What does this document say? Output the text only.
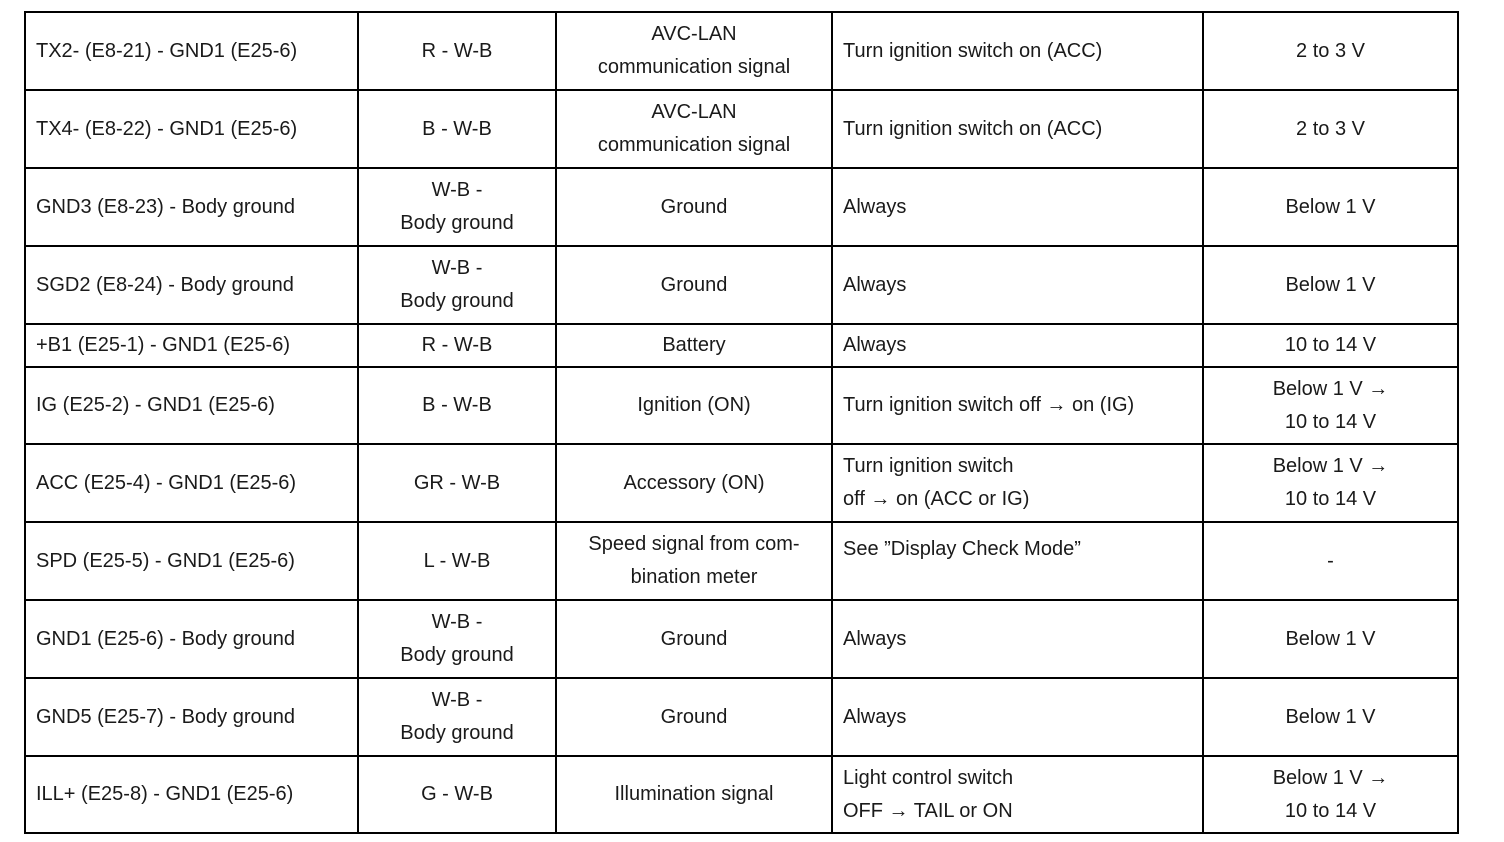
TX2- (E8-21) - GND1 (E25-6)	R - W-B	AVC-LAN
communication signal	Turn ignition switch on (ACC)	2 to 3 V
TX4- (E8-22) - GND1 (E25-6)	B - W-B	AVC-LAN
communication signal	Turn ignition switch on (ACC)	2 to 3 V
GND3 (E8-23) - Body ground	W-B -
Body ground	Ground	Always	Below 1 V
SGD2 (E8-24) - Body ground	W-B -
Body ground	Ground	Always	Below 1 V
+B1 (E25-1) - GND1 (E25-6)	R - W-B	Battery	Always	10 to 14 V
IG (E25-2) - GND1 (E25-6)	B - W-B	Ignition (ON)	Turn ignition switch off → on (IG)	Below 1 V →
10 to 14 V
ACC (E25-4) - GND1 (E25-6)	GR - W-B	Accessory (ON)	Turn ignition switch
off → on (ACC or IG)	Below 1 V →
10 to 14 V
SPD (E25-5) - GND1 (E25-6)	L - W-B	Speed signal from com-
bination meter	See ”Display Check Mode”	-
GND1 (E25-6) - Body ground	W-B -
Body ground	Ground	Always	Below 1 V
GND5 (E25-7) - Body ground	W-B -
Body ground	Ground	Always	Below 1 V
ILL+ (E25-8) - GND1 (E25-6)	G - W-B	Illumination signal	Light control switch
OFF → TAIL or ON	Below 1 V →
10 to 14 V
